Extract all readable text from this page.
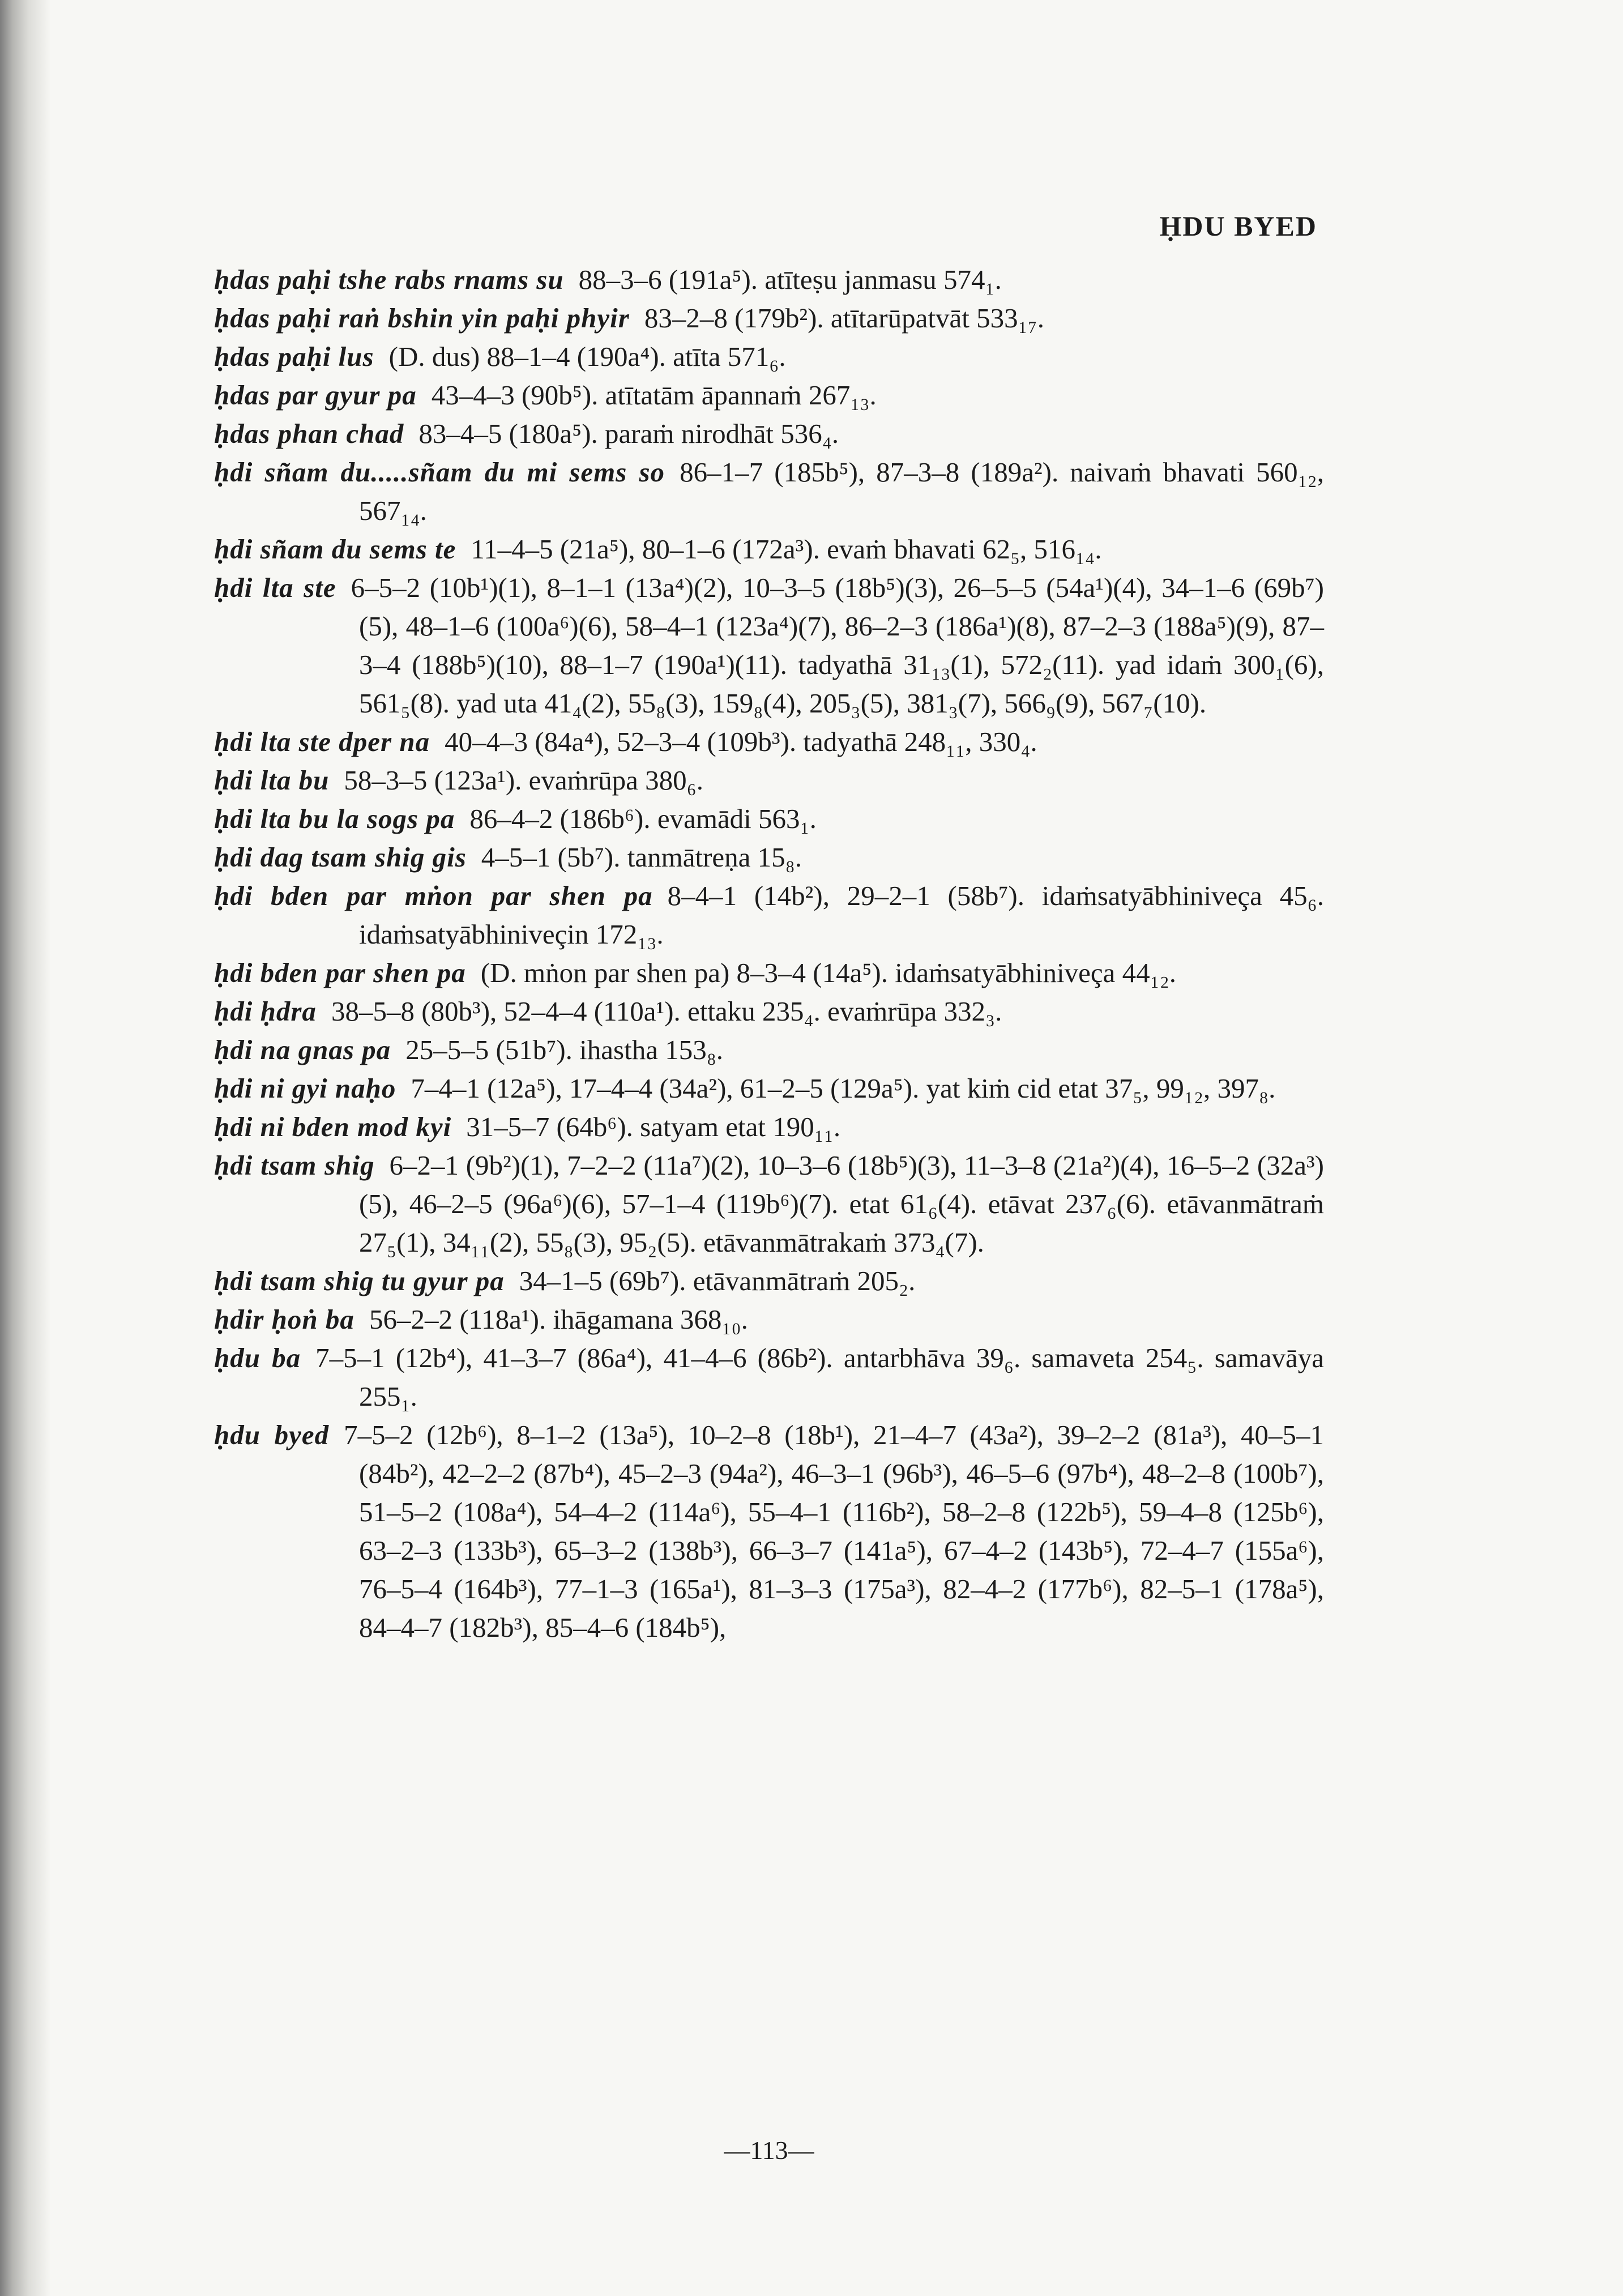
ḤDU BYED

ḥdas paḥi tshe rabs rnams su 88–3–6 (191a⁵). atīteṣu janmasu 574₁.

ḥdas paḥi raṅ bshin yin paḥi phyir 83–2–8 (179b²). atītarūpatvāt 533₁₇.

ḥdas paḥi lus (D. dus) 88–1–4 (190a⁴). atīta 571₆.

ḥdas par gyur pa 43–4–3 (90b⁵). atītatām āpannaṁ 267₁₃.

ḥdas phan chad 83–4–5 (180a⁵). paraṁ nirodhāt 536₄.

ḥdi sñam du.....sñam du mi sems so 86–1–7 (185b⁵), 87–3–8 (189a²). naivaṁ bhavati 560₁₂, 567₁₄.

ḥdi sñam du sems te 11–4–5 (21a⁵), 80–1–6 (172a³). evaṁ bhavati 62₅, 516₁₄.

ḥdi lta ste 6–5–2 (10b¹)(1), 8–1–1 (13a⁴)(2), 10–3–5 (18b⁵)(3), 26–5–5 (54a¹)(4), 34–1–6 (69b⁷)(5), 48–1–6 (100a⁶)(6), 58–4–1 (123a⁴)(7), 86–2–3 (186a¹)(8), 87–2–3 (188a⁵)(9), 87–3–4 (188b⁵)(10), 88–1–7 (190a¹)(11). tadyathā 31₁₃(1), 572₂(11). yad idaṁ 300₁(6), 561₅(8). yad uta 41₄(2), 55₈(3), 159₈(4), 205₃(5), 381₃(7), 566₉(9), 567₇(10).

ḥdi lta ste dper na 40–4–3 (84a⁴), 52–3–4 (109b³). tadyathā 248₁₁, 330₄.

ḥdi lta bu 58–3–5 (123a¹). evaṁrūpa 380₆.

ḥdi lta bu la sogs pa 86–4–2 (186b⁶). evamādi 563₁.

ḥdi dag tsam shig gis 4–5–1 (5b⁷). tanmātreṇa 15₈.

ḥdi bden par mṅon par shen pa 8–4–1 (14b²), 29–2–1 (58b⁷). idaṁsatyābhiniveça 45₆. idaṁsatyābhiniveçin 172₁₃.

ḥdi bden par shen pa (D. mṅon par shen pa) 8–3–4 (14a⁵). idaṁsatyābhiniveça 44₁₂.

ḥdi ḥdra 38–5–8 (80b³), 52–4–4 (110a¹). ettaku 235₄. evaṁrūpa 332₃.

ḥdi na gnas pa 25–5–5 (51b⁷). ihastha 153₈.

ḥdi ni gyi naḥo 7–4–1 (12a⁵), 17–4–4 (34a²), 61–2–5 (129a⁵). yat kiṁ cid etat 37₅, 99₁₂, 397₈.

ḥdi ni bden mod kyi 31–5–7 (64b⁶). satyam etat 190₁₁.

ḥdi tsam shig 6–2–1 (9b²)(1), 7–2–2 (11a⁷)(2), 10–3–6 (18b⁵)(3), 11–3–8 (21a²)(4), 16–5–2 (32a³)(5), 46–2–5 (96a⁶)(6), 57–1–4 (119b⁶)(7). etat 61₆(4). etāvat 237₆(6). etāvanmātraṁ 27₅(1), 34₁₁(2), 55₈(3), 95₂(5). etāvanmātrakaṁ 373₄(7).

ḥdi tsam shig tu gyur pa 34–1–5 (69b⁷). etāvanmātraṁ 205₂.

ḥdir ḥoṅ ba 56–2–2 (118a¹). ihāgamana 368₁₀.

ḥdu ba 7–5–1 (12b⁴), 41–3–7 (86a⁴), 41–4–6 (86b²). antarbhāva 39₆. samaveta 254₅. samavāya 255₁.

ḥdu byed 7–5–2 (12b⁶), 8–1–2 (13a⁵), 10–2–8 (18b¹), 21–4–7 (43a²), 39–2–2 (81a³), 40–5–1 (84b²), 42–2–2 (87b⁴), 45–2–3 (94a²), 46–3–1 (96b³), 46–5–6 (97b⁴), 48–2–8 (100b⁷), 51–5–2 (108a⁴), 54–4–2 (114a⁶), 55–4–1 (116b²), 58–2–8 (122b⁵), 59–4–8 (125b⁶), 63–2–3 (133b³), 65–3–2 (138b³), 66–3–7 (141a⁵), 67–4–2 (143b⁵), 72–4–7 (155a⁶), 76–5–4 (164b³), 77–1–3 (165a¹), 81–3–3 (175a³), 82–4–2 (177b⁶), 82–5–1 (178a⁵), 84–4–7 (182b³), 85–4–6 (184b⁵),

—113—
